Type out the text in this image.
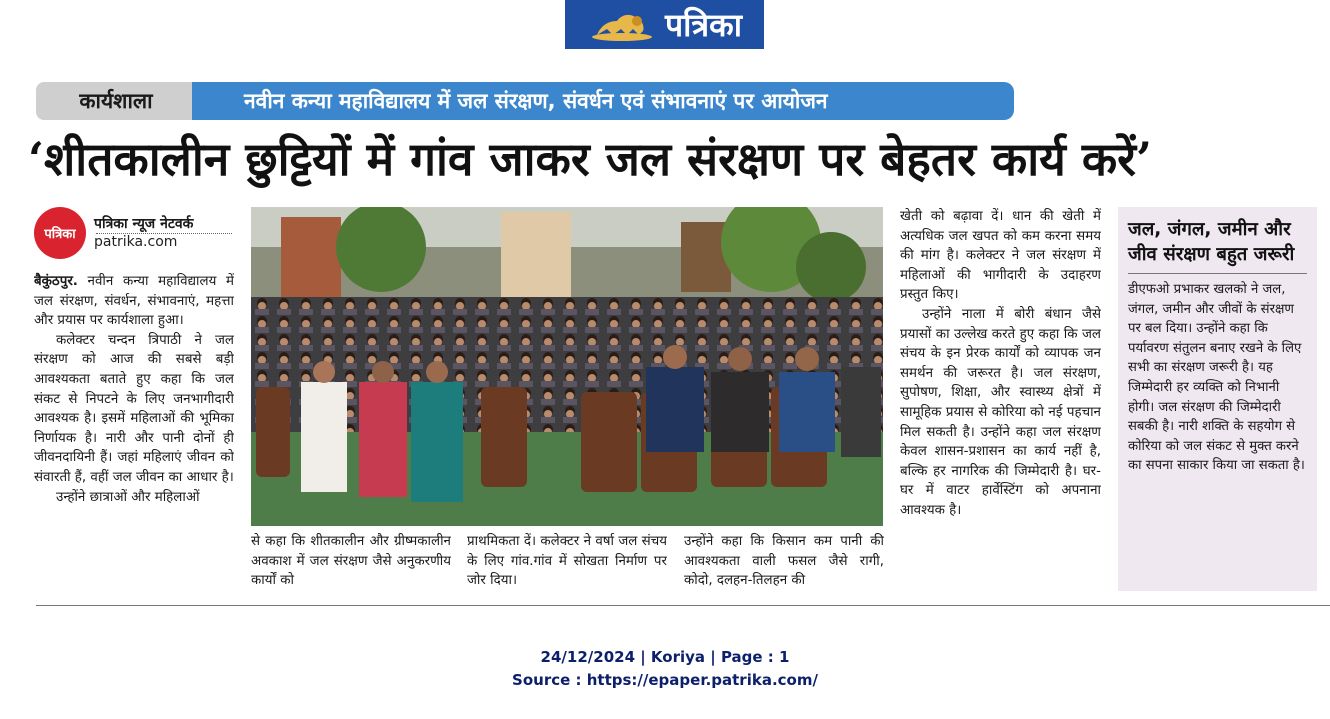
पत्रिका
कार्यशाला	नवीन कन्या महाविद्यालय में जल संरक्षण, संवर्धन एवं संभावनाएं पर आयोजन
‘शीतकालीन छुट्टियों में गांव जाकर जल संरक्षण पर बेहतर कार्य करें’
पत्रिका
पत्रिका न्यूज नेटवर्क
patrika.com

बैकुंठपुर. नवीन कन्या महाविद्यालय में जल संरक्षण, संवर्धन, संभावनाएं, महत्ता और प्रयास पर कार्यशाला हुआ।

कलेक्टर चन्दन त्रिपाठी ने जल संरक्षण को आज की सबसे बड़ी आवश्यकता बताते हुए कहा कि जल संकट से निपटने के लिए जनभागीदारी आवश्यक है। इसमें महिलाओं की भूमिका निर्णायक है। नारी और पानी दोनों ही जीवनदायिनी हैं। जहां महिलाएं जीवन को संवारती हैं, वहीं जल जीवन का आधार है।

उन्होंने छात्राओं और महिलाओं

से कहा कि शीतकालीन और ग्रीष्मकालीन अवकाश में जल संरक्षण जैसे अनुकरणीय कार्यों को

प्राथमिकता दें। कलेक्टर ने वर्षा जल संचय के लिए गांव.गांव में सोखता निर्माण पर जोर दिया।

उन्होंने कहा कि किसान कम पानी की आवश्यकता वाली फसल जैसे रागी, कोदो, दलहन-तिलहन की

खेती को बढ़ावा दें। धान की खेती में अत्यधिक जल खपत को कम करना समय की मांग है। कलेक्टर ने जल संरक्षण में महिलाओं की भागीदारी के उदाहरण प्रस्तुत किए।

उन्होंने नाला में बोरी बंधान जैसे प्रयासों का उल्लेख करते हुए कहा कि जल संचय के इन प्रेरक कार्यों को व्यापक जन समर्थन की जरूरत है। जल संरक्षण, सुपोषण, शिक्षा, और स्वास्थ्य क्षेत्रों में सामूहिक प्रयास से कोरिया को नई पहचान मिल सकती है। उन्होंने कहा जल संरक्षण केवल शासन-प्रशासन का कार्य नहीं है, बल्कि हर नागरिक की जिम्मेदारी है। घर-घर में वाटर हार्वेस्टिंग को अपनाना आवश्यक है।

जल, जंगल, जमीन और जीव संरक्षण बहुत जरूरी
डीएफओ प्रभाकर खलको ने जल, जंगल, जमीन और जीवों के संरक्षण पर बल दिया। उन्होंने कहा कि पर्यावरण संतुलन बनाए रखने के लिए सभी का संरक्षण जरूरी है। यह जिम्मेदारी हर व्यक्ति को निभानी होगी। जल संरक्षण की जिम्मेदारी सबकी है। नारी शक्ति के सहयोग से कोरिया को जल संकट से मुक्त करने का सपना साकार किया जा सकता है।
24/12/2024 | Koriya | Page : 1
Source : https://epaper.patrika.com/
